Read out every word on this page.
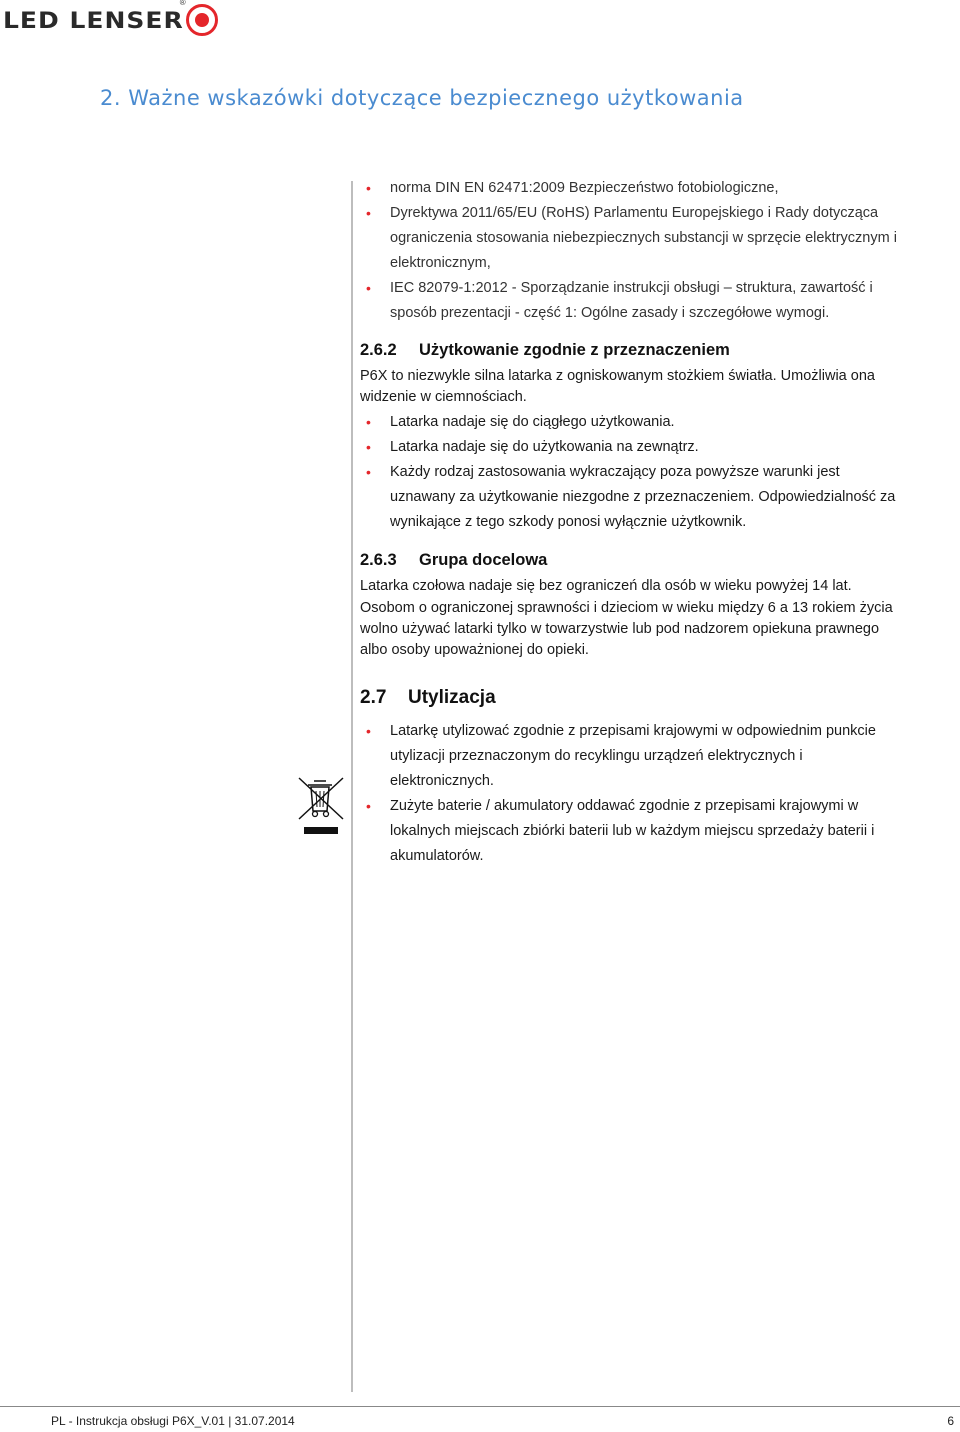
LED LENSER
®
2. Ważne wskazówki dotyczące bezpiecznego użytkowania
• norma DIN EN 62471:2009 Bezpieczeństwo fotobiologiczne,
• Dyrektywa 2011/65/EU (RoHS) Parlamentu Europejskiego i Rady dotycząca ograniczenia stosowania niebezpiecznych substancji w sprzęcie elektrycznym i elektronicznym,
• IEC 82079-1:2012 - Sporządzanie instrukcji obsługi – struktura, zawartość i sposób prezentacji - część 1: Ogólne zasady i szczegółowe wymogi.
2.6.2	Użytkowanie zgodnie z przeznaczeniem

P6X to niezwykle silna latarka z ogniskowanym stożkiem światła. Umożliwia ona widzenie w ciemnościach.

• Latarka nadaje się do ciągłego użytkowania.
• Latarka nadaje się do użytkowania na zewnątrz.
• Każdy rodzaj zastosowania wykraczający poza powyższe warunki jest uznawany za użytkowanie niezgodne z przeznaczeniem. Odpowiedzialność za wynikające z tego szkody ponosi wyłącznie użytkownik.
2.6.3	Grupa docelowa

Latarka czołowa nadaje się bez ograniczeń dla osób w wieku powyżej 14 lat.

Osobom o ograniczonej sprawności i dzieciom w wieku między 6 a 13 rokiem życia wolno używać latarki tylko w towarzystwie lub pod nadzorem opiekuna prawnego albo osoby upoważnionej do opieki.

2.7	Utylizacja
• Latarkę utylizować zgodnie z przepisami krajowymi w odpowiednim punkcie utylizacji przeznaczonym do recyklingu urządzeń elektrycznych i elektronicznych.
• Zużyte baterie / akumulatory oddawać zgodnie z przepisami krajowymi w lokalnych miejscach zbiórki baterii lub w każdym miejscu sprzedaży baterii i akumulatorów.
PL - Instrukcja obsługi P6X_V.01 | 31.07.2014	6
